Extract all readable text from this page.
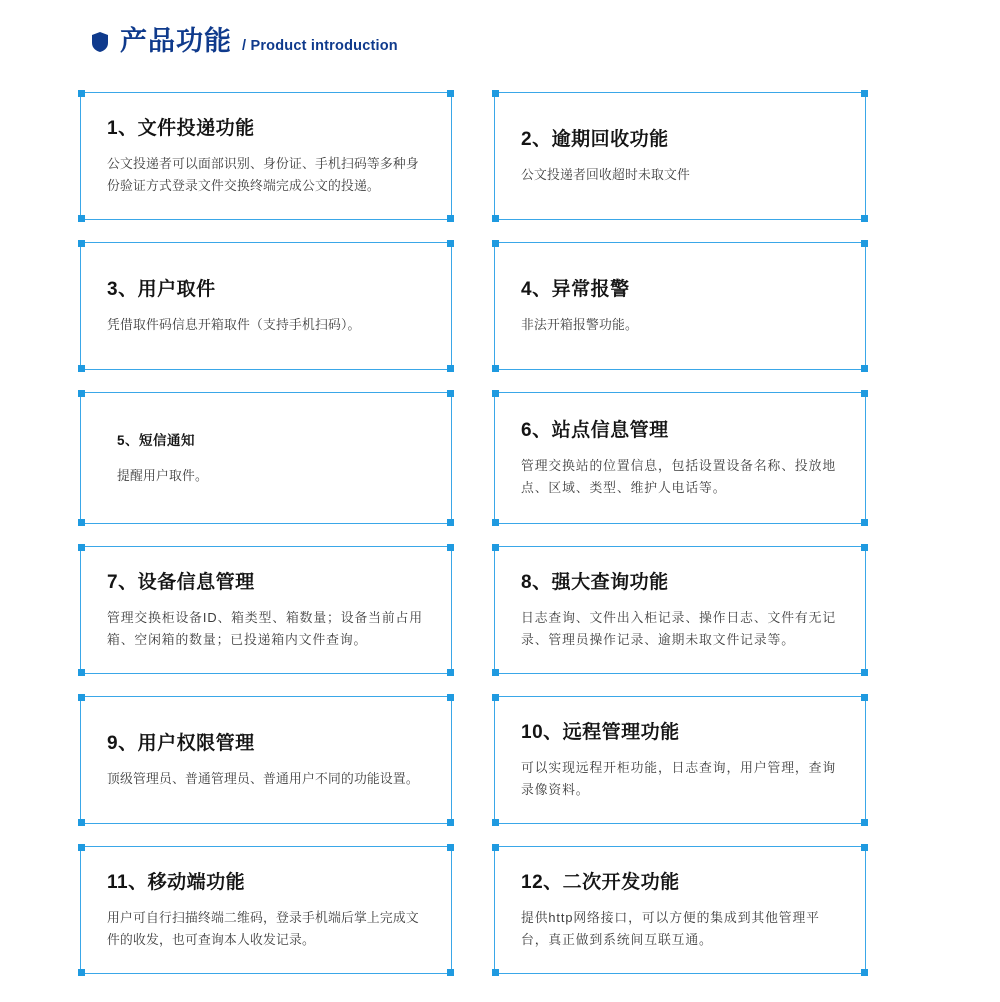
产品功能 / Product introduction
1、文件投递功能
公文投递者可以面部识别、身份证、手机扫码等多种身份验证方式登录文件交换终端完成公文的投递。
2、逾期回收功能
公文投递者回收超时未取文件
3、用户取件
凭借取件码信息开箱取件（支持手机扫码）。
4、异常报警
非法开箱报警功能。
5、短信通知
提醒用户取件。
6、站点信息管理
管理交换站的位置信息，包括设置设备名称、投放地点、区域、类型、维护人电话等。
7、设备信息管理
管理交换柜设备ID、箱类型、箱数量；设备当前占用箱、空闲箱的数量；已投递箱内文件查询。
8、强大查询功能
日志查询、文件出入柜记录、操作日志、文件有无记录、管理员操作记录、逾期未取文件记录等。
9、用户权限管理
顶级管理员、普通管理员、普通用户不同的功能设置。
10、远程管理功能
可以实现远程开柜功能，日志查询，用户管理，查询录像资料。
11、移动端功能
用户可自行扫描终端二维码，登录手机端后掌上完成文件的收发，也可查询本人收发记录。
12、二次开发功能
提供http网络接口，可以方便的集成到其他管理平台，真正做到系统间互联互通。
